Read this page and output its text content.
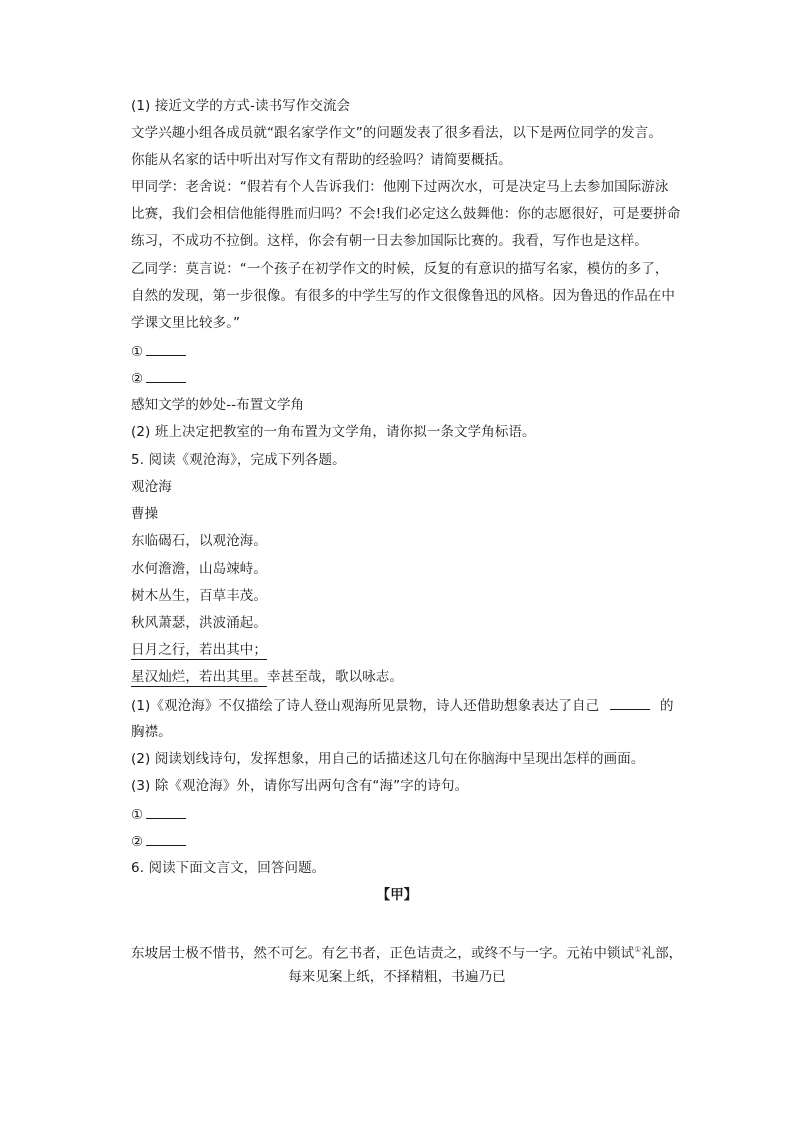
(1) 接近文学的方式-读书写作交流会
文学兴趣小组各成员就“跟名家学作文”的问题发表了很多看法，以下是两位同学的发言。
你能从名家的话中听出对写作文有帮助的经验吗？请简要概括。
甲同学：老舍说：“假若有个人告诉我们：他刚下过两次水，可是决定马上去参加国际游泳
比赛，我们会相信他能得胜而归吗？不会!我们必定这么鼓舞他：你的志愿很好，可是要拼命
练习，不成功不拉倒。这样，你会有朝一日去参加国际比赛的。我看，写作也是这样。
乙同学：莫言说：“一个孩子在初学作文的时候，反复的有意识的描写名家，模仿的多了，
自然的发现，第一步很像。有很多的中学生写的作文很像鲁迅的风格。因为鲁迅的作品在中
学课文里比较多。”
①
②
感知文学的妙处--布置文学角
(2) 班上决定把教室的一角布置为文学角，请你拟一条文学角标语。
5. 阅读《观沧海》，完成下列各题。
观沧海
曹操
东临碣石，以观沧海。
水何澹澹，山岛竦峙。
树木丛生，百草丰茂。
秋风萧瑟，洪波涌起。
日月之行，若出其中；
星汉灿烂，若出其里。幸甚至哉，歌以咏志。
(1)《观沧海》不仅描绘了诗人登山观海所见景物，诗人还借助想象表达了自己	的
胸襟。
(2) 阅读划线诗句，发挥想象，用自己的话描述这几句在你脑海中呈现出怎样的画面。
(3) 除《观沧海》外，请你写出两句含有“海”字的诗句。
①
②
6. 阅读下面文言文，回答问题。
【甲】
东坡居士极不惜书，然不可乞。有乞书者，正色诘责之，或终不与一字。元祐中锁试①礼部，
每来见案上纸，不择精粗，书遍乃已
